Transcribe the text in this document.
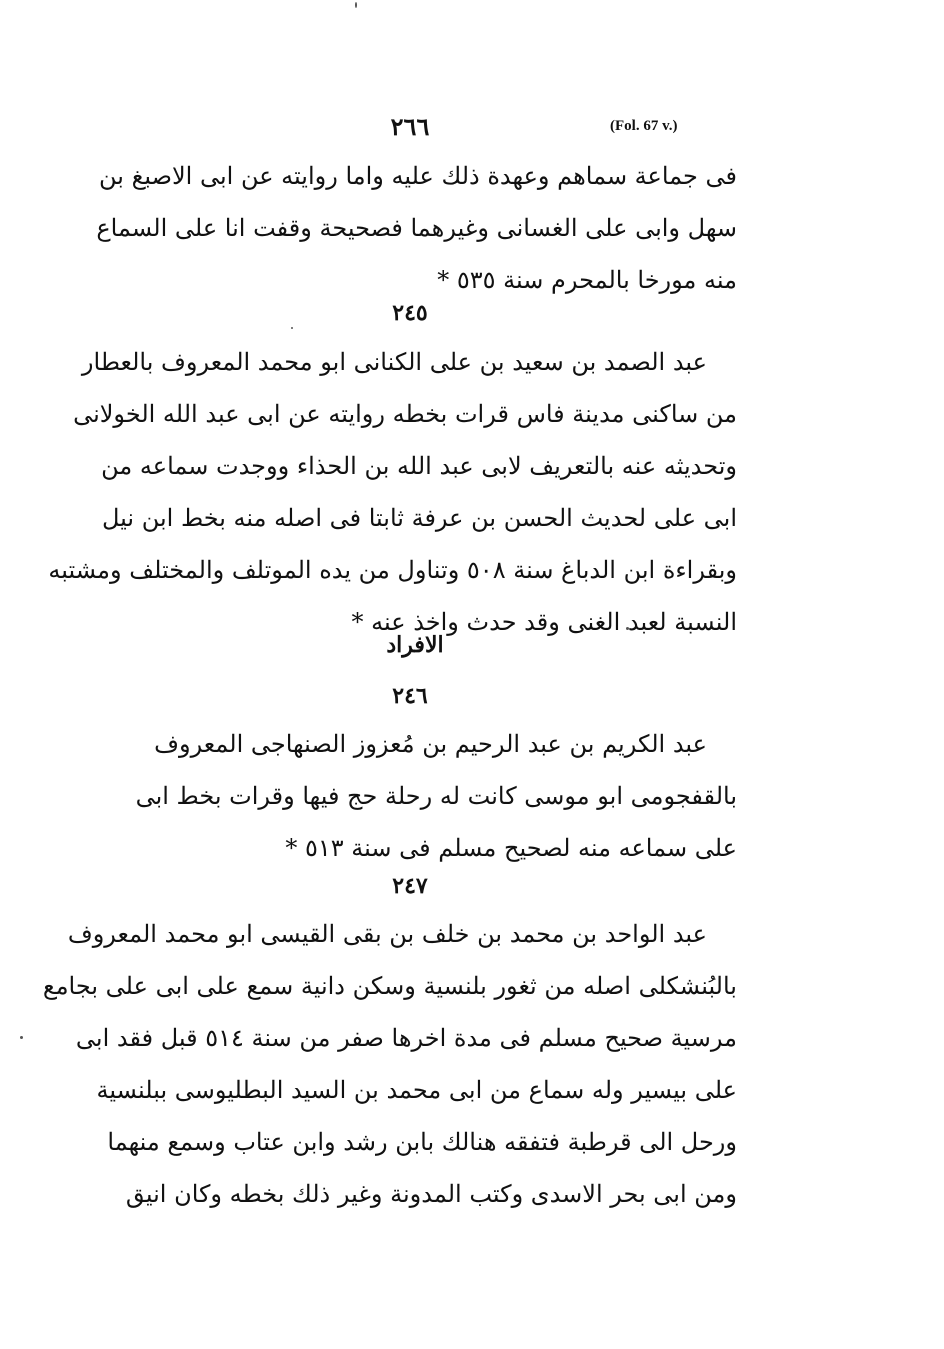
٢٦٦	(Fol. 67 v.)
فى جماعة سماهم وعهدة ذلك عليه واما روايته عن ابى الاصبغ بن
سهل وابى على الغسانى وغيرهما فصحيحة وقفت انا على السماع
منه مورخا بالمحرم سنة ٥٣٥ *
٢٤٥
عبد الصمد بن سعيد بن على الكنانى ابو محمد المعروف بالعطار
من ساكنى مدينة فاس قرات بخطه روايته عن ابى عبد الله الخولانى
وتحديثه عنه بالتعريف لابى عبد الله بن الحذاء ووجدت سماعه من
ابى على لحديث الحسن بن عرفة ثابتا فى اصله منه بخط ابن نيل
وبقراءة ابن الدباغ سنة ٥٠٨ وتناول من يده الموتلف والمختلف ومشتبه
النسبة لعبد الغنى وقد حدث واخذ عنه *
الافراد
٢٤٦
عبد الكريم بن عبد الرحيم بن مُعزوز الصنهاجى المعروف
بالقفجومى ابو موسى كانت له رحلة حج فيها وقرات بخط ابى
على سماعه منه لصحيح مسلم فى سنة ٥١٣ *
٢٤٧
عبد الواحد بن محمد بن خلف بن بقى القيسى ابو محمد المعروف
بالبُنشكلى اصله من ثغور بلنسية وسكن دانية سمع على ابى على بجامع
مرسية صحيح مسلم فى مدة اخرها صفر من سنة ٥١٤ قبل فقد ابى
على بيسير وله سماع من ابى محمد بن السيد البطليوسى ببلنسية
ورحل الى قرطبة فتفقه هنالك بابن رشد وابن عتاب وسمع منهما
ومن ابى بحر الاسدى وكتب المدونة وغير ذلك بخطه وكان انيق
